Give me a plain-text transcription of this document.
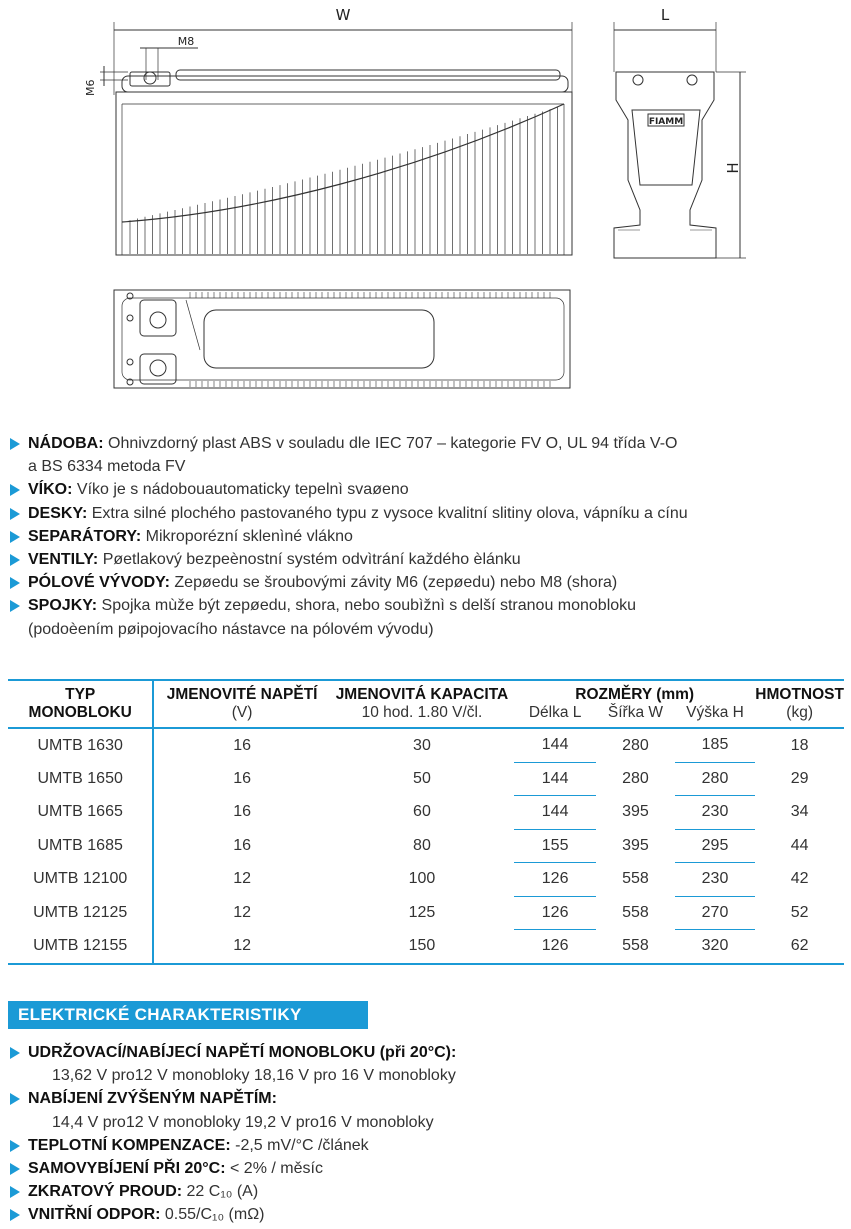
W
M8
M6
L
H
FIAMM
NÁDOBA: Ohnivzdorný plast ABS v souladu dle IEC 707 – kategorie FV O, UL 94 třída V-O
a BS 6334 metoda FV
VÍKO: Víko je s nádobouautomaticky tepelnì svaøeno
DESKY: Extra silné plochého pastovaného typu z vysoce kvalitní slitiny olova, vápníku a cínu
SEPARÁTORY: Mikroporézní sklenìné vlákno
VENTILY: Pøetlakový bezpeènostní systém odvìtrání každého èlánku
PÓLOVÉ VÝVODY: Zepøedu se šroubovými závity M6 (zepøedu) nebo M8 (shora)
SPOJKY: Spojka mùže být zepøedu, shora, nebo soubìžnì s delší stranou monobloku
(podoèením pøipojovacího nástavce na pólovém vývodu)
TYP	JMENOVITÉ NAPĚTÍ	JMENOVITÁ KAPACITA	ROZMĚRY (mm)			HMOTNOST
MONOBLOKU	(V)	10 hod. 1.80 V/čl.	Délka L	Šířka W	Výška H	(kg)
UMTB 1630	16	30	144	280	185	18
UMTB 1650	16	50	144	280	280	29
UMTB 1665	16	60	144	395	230	34
UMTB 1685	16	80	155	395	295	44
UMTB 12100	12	100	126	558	230	42
UMTB 12125	12	125	126	558	270	52
UMTB 12155	12	150	126	558	320	62
ELEKTRICKÉ CHARAKTERISTIKY
UDRŽOVACÍ/NABÍJECÍ NAPĚTÍ MONOBLOKU (při 20°C):
13,62 V pro12 V monobloky 18,16 V pro 16 V monobloky
NABÍJENÍ ZVÝŠENÝM NAPĚTÍM:
14,4 V pro12 V monobloky 19,2 V pro16 V monobloky
TEPLOTNÍ KOMPENZACE: -2,5 mV/°C /článek
SAMOVYBÍJENÍ PŘI 20°C: < 2% / měsíc
ZKRATOVÝ PROUD: 22 C₁₀ (A)
VNITŘNÍ ODPOR: 0.55/C₁₀ (mΩ)
